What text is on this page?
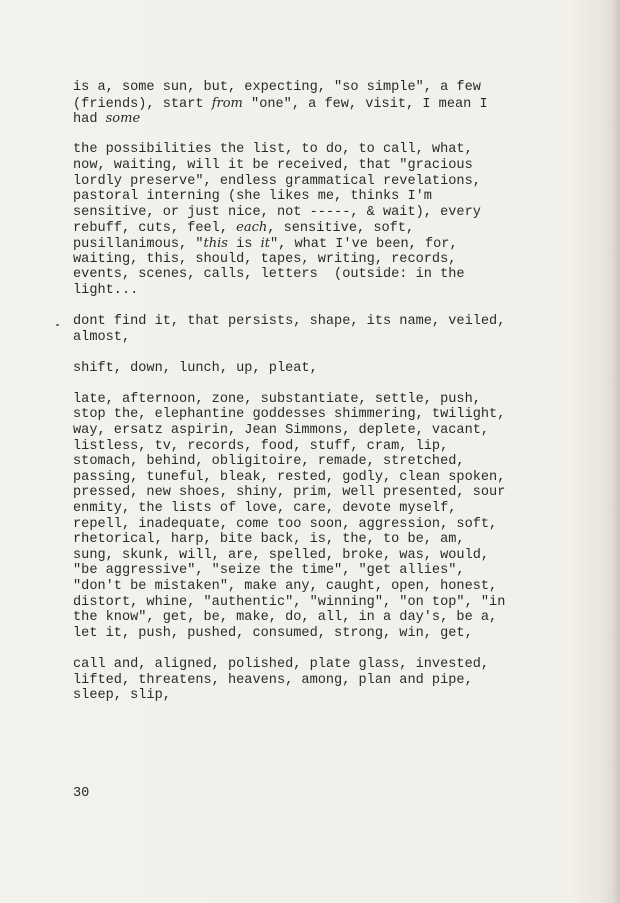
is a, some sun, but, expecting, "so simple", a few
(friends), start from "one", a few, visit, I mean I
had some
the possibilities the list, to do, to call, what,
now, waiting, will it be received, that "gracious
lordly preserve", endless grammatical revelations,
pastoral interning (she likes me, thinks I'm
sensitive, or just nice, not -----, & wait), every
rebuff, cuts, feel, each, sensitive, soft,
pusillanimous, "this is it", what I've been, for,
waiting, this, should, tapes, writing, records,
events, scenes, calls, letters  (outside: in the
light...
dont find it, that persists, shape, its name, veiled,
almost,
shift, down, lunch, up, pleat,
late, afternoon, zone, substantiate, settle, push,
stop the, elephantine goddesses shimmering, twilight,
way, ersatz aspirin, Jean Simmons, deplete, vacant,
listless, tv, records, food, stuff, cram, lip,
stomach, behind, obligitoire, remade, stretched,
passing, tuneful, bleak, rested, godly, clean spoken,
pressed, new shoes, shiny, prim, well presented, sour
enmity, the lists of love, care, devote myself,
repell, inadequate, come too soon, aggression, soft,
rhetorical, harp, bite back, is, the, to be, am,
sung, skunk, will, are, spelled, broke, was, would,
"be aggressive", "seize the time", "get allies",
"don't be mistaken", make any, caught, open, honest,
distort, whine, "authentic", "winning", "on top", "in
the know", get, be, make, do, all, in a day's, be a,
let it, push, pushed, consumed, strong, win, get,
call and, aligned, polished, plate glass, invested,
lifted, threatens, heavens, among, plan and pipe,
sleep, slip,
30
